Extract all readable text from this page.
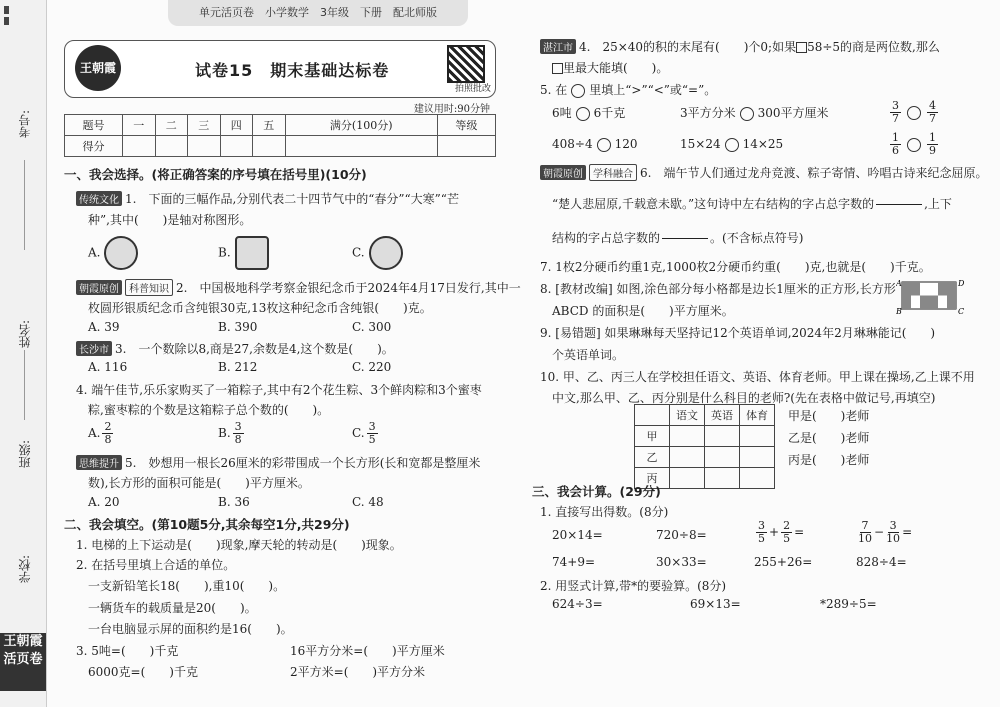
考号:
姓名:
班级:
学校:
王朝霞
活页卷
单元活页卷　小学数学　3年级　下册　配北师版
王朝霞	试卷15　期末基础达标卷
拍照批改
建议用时:90分钟
题号	一	二	三	四	五	满分(100分)	等级
得分							
一、我会选择。(将正确答案的序号填在括号里)(10分)
传统文化 1.　下面的三幅作品,分别代表二十四节气中的“春分”“大寒”“芒
种”,其中(　　)是轴对称图形。
A.	B.	C.
朝霞原创 科普知识 2.　中国极地科学考察金银纪念币于2024年4月17日发行,其中一
枚圆形银质纪念币含纯银30克,13枚这种纪念币含纯银(　　)克。
A. 39	B. 390	C. 300
长沙市 3.　一个数除以8,商是27,余数是4,这个数是(　　)。
A. 116	B. 212	C. 220
4. 端午佳节,乐乐家购买了一箱粽子,其中有2个花生粽、3个鲜肉粽和3个蜜枣
粽,蜜枣粽的个数是这箱粽子总个数的(　　)。
A. $\frac{2}{8}$	B. $\frac{3}{8}$	C. $\frac{3}{5}$
思维提升 5.　妙想用一根长26厘米的彩带围成一个长方形(长和宽都是整厘米
数),长方形的面积可能是(　　)平方厘米。
A. 20	B. 36	C. 48
二、我会填空。(第10题5分,其余每空1分,共29分)
1. 电梯的上下运动是(　　)现象,摩天轮的转动是(　　)现象。
2. 在括号里填上合适的单位。
一支新铅笔长18(　　),重10(　　)。
一辆货车的载质量是20(　　)。
一台电脑显示屏的面积约是16(　　)。
3. 5吨=(　　)千克	16平方分米=(　　)平方厘米
6000克=(　　)千克	2平方米=(　　)平方分米
湛江市 4.　25×40的积的末尾有(　　)个0;如果 58÷5的商是两位数,那么
里最大能填(　　)。
5. 在 里填上“>”“<”或“=”。
6吨 6千克	3平方分米 300平方厘米	$\frac{3}{7} \frac{4}{7}$
408÷4 120	15×24 14×25	$\frac{1}{6} \frac{1}{9}$
朝霞原创 学科融合 6.　端午节人们通过龙舟竞渡、粽子寄情、吟唱古诗来纪念屈原。
“楚人悲屈原,千载意未歇。”这句诗中左右结构的字占总字数的	,上下
结构的字占总字数的	。(不含标点符号)
7. 1枚2分硬币约重1克,1000枚2分硬币约重(　　)克,也就是(　　)千克。
8. [教材改编] 如图,涂色部分每小格都是边长1厘米的正方形,长方形
ABCD 的面积是(　　)平方厘米。
A	D
B	C
9. [易错题] 如果琳琳每天坚持记12个英语单词,2024年2月琳琳能记(　　)
个英语单词。
10. 甲、乙、丙三人在学校担任语文、英语、体育老师。甲上课在操场,乙上课不用
中文,那么甲、乙、丙分别是什么科目的老师?(先在表格中做记号,再填空)
	语文	英语	体育
甲			
乙			
丙			
甲是(　　)老师
乙是(　　)老师
丙是(　　)老师
三、我会计算。(29分)
1. 直接写出得数。(8分)
20×14=	720÷8=	$\frac{3}{5} + \frac{2}{5}$ =	$\frac{7}{10} - \frac{3}{10}$ =
74+9=	30×33=	255+26=	828÷4=
2. 用竖式计算,带*的要验算。(8分)
624÷3=	69×13=	*289÷5=
